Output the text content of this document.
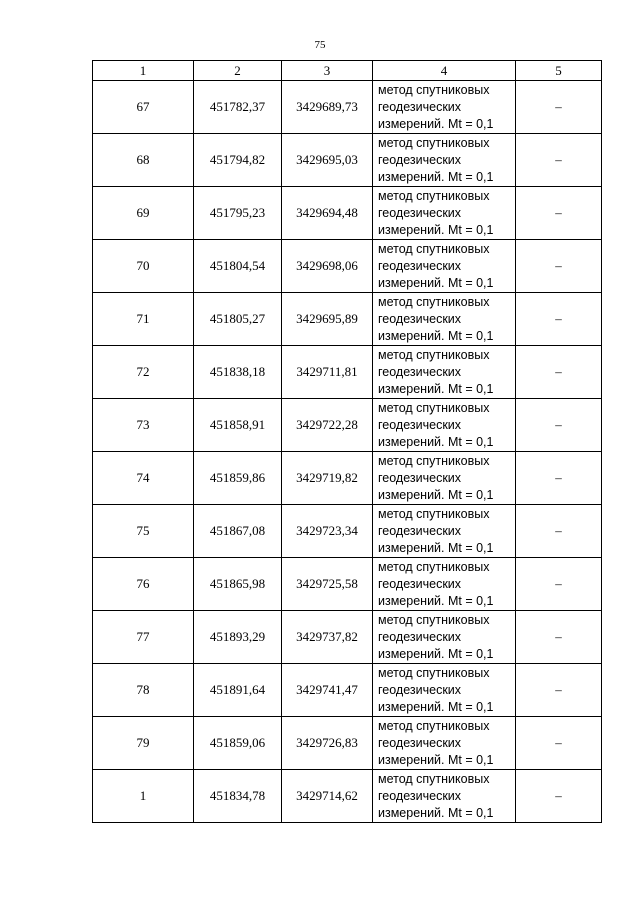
75
1	2	3	4	5
67	451782,37	3429689,73	метод спутниковых
геодезических
измерений. Mt = 0,1	–
68	451794,82	3429695,03	метод спутниковых
геодезических
измерений. Mt = 0,1	–
69	451795,23	3429694,48	метод спутниковых
геодезических
измерений. Mt = 0,1	–
70	451804,54	3429698,06	метод спутниковых
геодезических
измерений. Mt = 0,1	–
71	451805,27	3429695,89	метод спутниковых
геодезических
измерений. Mt = 0,1	–
72	451838,18	3429711,81	метод спутниковых
геодезических
измерений. Mt = 0,1	–
73	451858,91	3429722,28	метод спутниковых
геодезических
измерений. Mt = 0,1	–
74	451859,86	3429719,82	метод спутниковых
геодезических
измерений. Mt = 0,1	–
75	451867,08	3429723,34	метод спутниковых
геодезических
измерений. Mt = 0,1	–
76	451865,98	3429725,58	метод спутниковых
геодезических
измерений. Mt = 0,1	–
77	451893,29	3429737,82	метод спутниковых
геодезических
измерений. Mt = 0,1	–
78	451891,64	3429741,47	метод спутниковых
геодезических
измерений. Mt = 0,1	–
79	451859,06	3429726,83	метод спутниковых
геодезических
измерений. Mt = 0,1	–
1	451834,78	3429714,62	метод спутниковых
геодезических
измерений. Mt = 0,1	–
